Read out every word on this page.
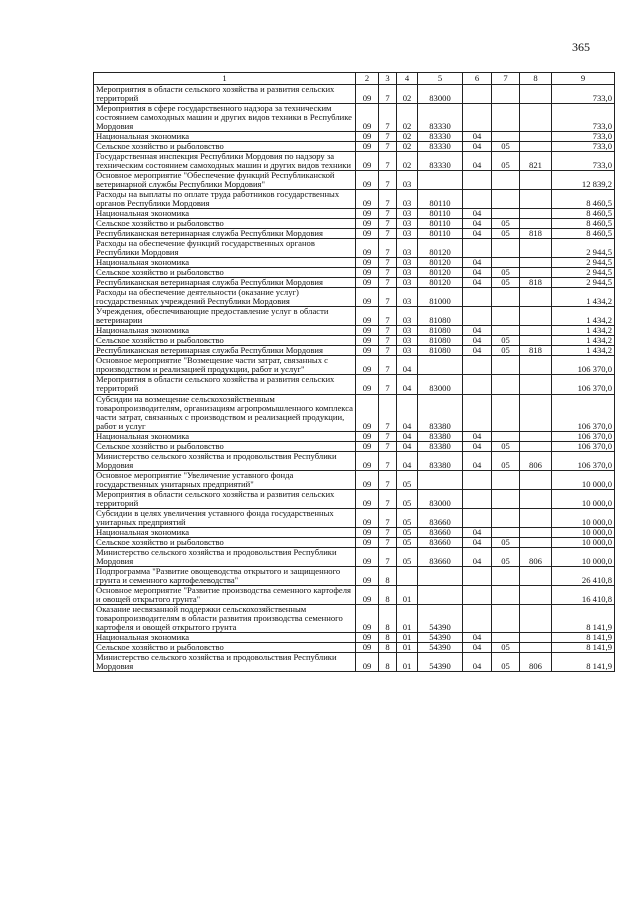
365
1	2	3	4	5	6	7	8	9
Мероприятия в области сельского хозяйства и развития сельских территорий	09	7	02	83000				733,0
Мероприятия в сфере государственного надзора за техническим состоянием самоходных машин и других видов техники в Республике Мордовия	09	7	02	83330				733,0
Национальная экономика	09	7	02	83330	04			733,0
Сельское хозяйство и рыболовство	09	7	02	83330	04	05		733,0
Государственная инспекция Республики Мордовия по надзору за техническим состоянием самоходных машин и других видов техники	09	7	02	83330	04	05	821	733,0
Основное мероприятие "Обеспечение функций Республиканской ветеринарной службы Республики Мордовия"	09	7	03					12 839,2
Расходы на выплаты по оплате труда работников государственных органов Республики Мордовия	09	7	03	80110				8 460,5
Национальная экономика	09	7	03	80110	04			8 460,5
Сельское хозяйство и рыболовство	09	7	03	80110	04	05		8 460,5
Республиканская ветеринарная служба Республики Мордовия	09	7	03	80110	04	05	818	8 460,5
Расходы на обеспечение функций государственных органов Республики Мордовия	09	7	03	80120				2 944,5
Национальная экономика	09	7	03	80120	04			2 944,5
Сельское хозяйство и рыболовство	09	7	03	80120	04	05		2 944,5
Республиканская ветеринарная служба Республики Мордовия	09	7	03	80120	04	05	818	2 944,5
Расходы на обеспечение деятельности (оказание услуг) государственных учреждений Республики Мордовия	09	7	03	81000				1 434,2
Учреждения, обеспечивающие предоставление услуг в области ветеринарии	09	7	03	81080				1 434,2
Национальная экономика	09	7	03	81080	04			1 434,2
Сельское хозяйство и рыболовство	09	7	03	81080	04	05		1 434,2
Республиканская ветеринарная служба Республики Мордовия	09	7	03	81080	04	05	818	1 434,2
Основное мероприятие "Возмещение части затрат, связанных с производством и реализацией продукции, работ и услуг"	09	7	04					106 370,0
Мероприятия в области сельского хозяйства и развития сельских территорий	09	7	04	83000				106 370,0
Субсидии на возмещение сельскохозяйственным товаропроизводителям, организациям агропромышленного комплекса части затрат, связанных с производством и реализацией продукции, работ и услуг	09	7	04	83380				106 370,0
Национальная экономика	09	7	04	83380	04			106 370,0
Сельское хозяйство и рыболовство	09	7	04	83380	04	05		106 370,0
Министерство сельского хозяйства и продовольствия Республики Мордовия	09	7	04	83380	04	05	806	106 370,0
Основное мероприятие "Увеличение уставного фонда государственных унитарных предприятий"	09	7	05					10 000,0
Мероприятия в области сельского хозяйства и развития сельских территорий	09	7	05	83000				10 000,0
Субсидии в целях увеличения уставного фонда государственных унитарных предприятий	09	7	05	83660				10 000,0
Национальная экономика	09	7	05	83660	04			10 000,0
Сельское хозяйство и рыболовство	09	7	05	83660	04	05		10 000,0
Министерство сельского хозяйства и продовольствия Республики Мордовия	09	7	05	83660	04	05	806	10 000,0
Подпрограмма "Развитие овощеводства открытого и защищенного грунта и семенного картофелеводства"	09	8						26 410,8
Основное мероприятие "Развитие производства семенного картофеля и овощей открытого грунта"	09	8	01					16 410,8
Оказание несвязанной поддержки сельскохозяйственным товаропроизводителям в области развития производства семенного картофеля и овощей открытого грунта	09	8	01	54390				8 141,9
Национальная экономика	09	8	01	54390	04			8 141,9
Сельское хозяйство и рыболовство	09	8	01	54390	04	05		8 141,9
Министерство сельского хозяйства и продовольствия Республики Мордовия	09	8	01	54390	04	05	806	8 141,9
